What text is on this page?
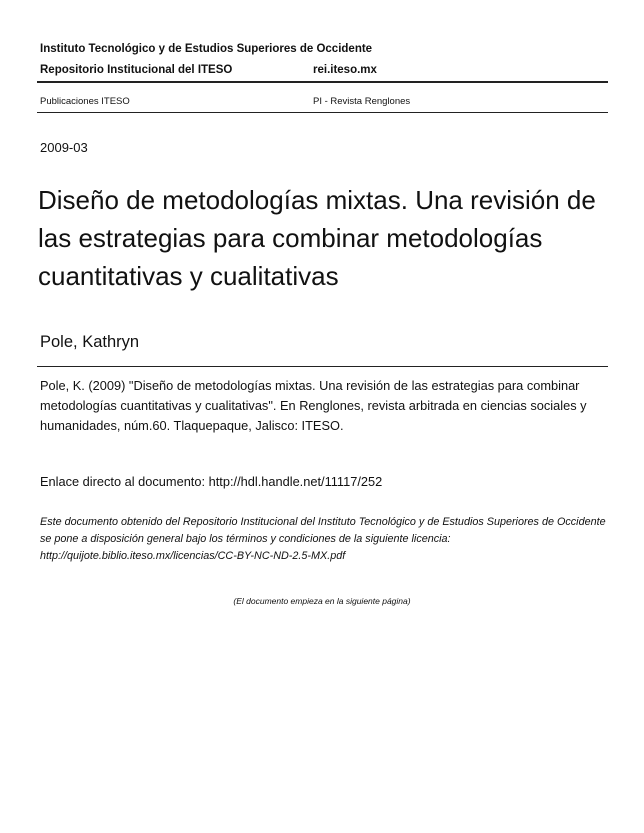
Instituto Tecnológico y de Estudios Superiores de Occidente
Repositorio Institucional del ITESO	rei.iteso.mx
Publicaciones ITESO	PI - Revista Renglones
2009-03
Diseño de metodologías mixtas. Una revisión de las estrategias para combinar metodologías cuantitativas y cualitativas
Pole, Kathryn
Pole, K. (2009) "Diseño de metodologías mixtas. Una revisión de las estrategias para combinar metodologías cuantitativas y cualitativas". En Renglones, revista arbitrada en ciencias sociales y humanidades, núm.60. Tlaquepaque, Jalisco: ITESO.
Enlace directo al documento: http://hdl.handle.net/11117/252
Este documento obtenido del Repositorio Institucional del Instituto Tecnológico y de Estudios Superiores de Occidente se pone a disposición general bajo los términos y condiciones de la siguiente licencia: http://quijote.biblio.iteso.mx/licencias/CC-BY-NC-ND-2.5-MX.pdf
(El documento empieza en la siguiente página)
